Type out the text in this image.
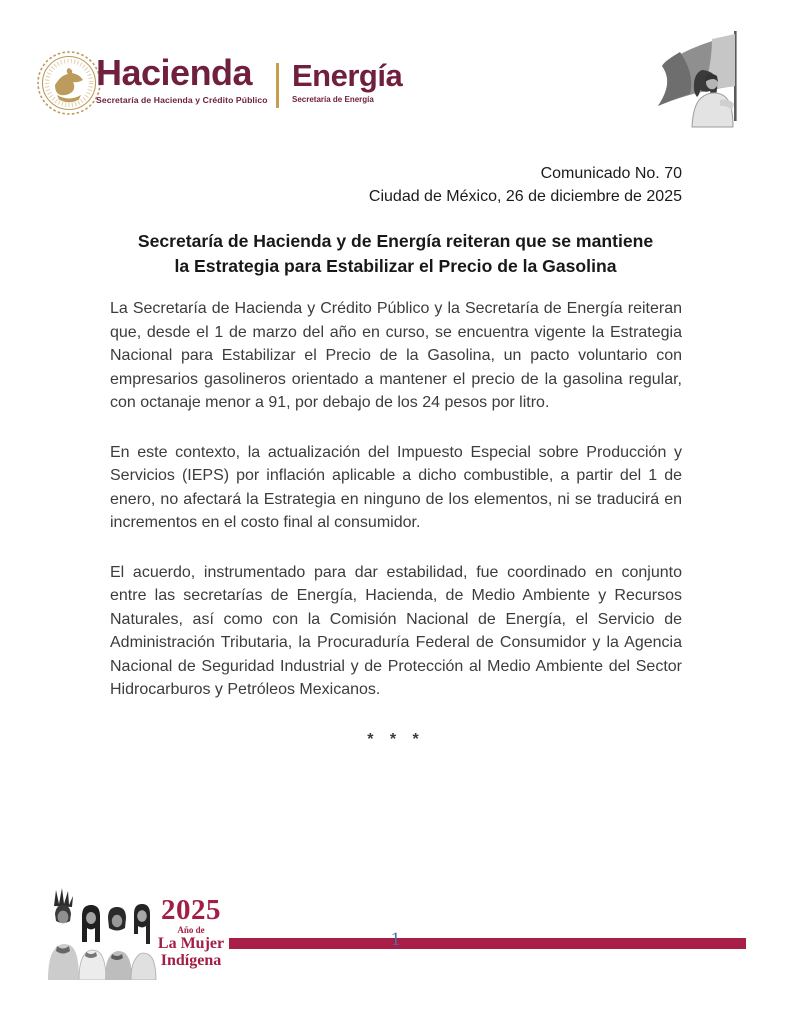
Hacienda
Secretaría de Hacienda y Crédito Público
Energía
Secretaría de Energía
Comunicado No. 70
Ciudad de México, 26 de diciembre de 2025
Secretaría de Hacienda y de Energía reiteran que se mantiene
la Estrategia para Estabilizar el Precio de la Gasolina

La Secretaría de Hacienda y Crédito Público y la Secretaría de Energía reiteran que, desde el 1 de marzo del año en curso, se encuentra vigente la Estrategia Nacional para Estabilizar el Precio de la Gasolina, un pacto voluntario con empresarios gasolineros orientado a mantener el precio de la gasolina regular, con octanaje menor a 91, por debajo de los 24 pesos por litro.

En este contexto, la actualización del Impuesto Especial sobre Producción y Servicios (IEPS) por inflación aplicable a dicho combustible, a partir del 1 de enero, no afectará la Estrategia en ninguno de los elementos, ni se traducirá en incrementos en el costo final al consumidor.

El acuerdo, instrumentado para dar estabilidad, fue coordinado en conjunto entre las secretarías de Energía, Hacienda, de Medio Ambiente y Recursos Naturales, así como con la Comisión Nacional de Energía, el Servicio de Administración Tributaria, la Procuraduría Federal de Consumidor y la Agencia Nacional de Seguridad Industrial y de Protección al Medio Ambiente del Sector Hidrocarburos y Petróleos Mexicanos.

* * *

2025
Año de
La Mujer
Indígena
1
